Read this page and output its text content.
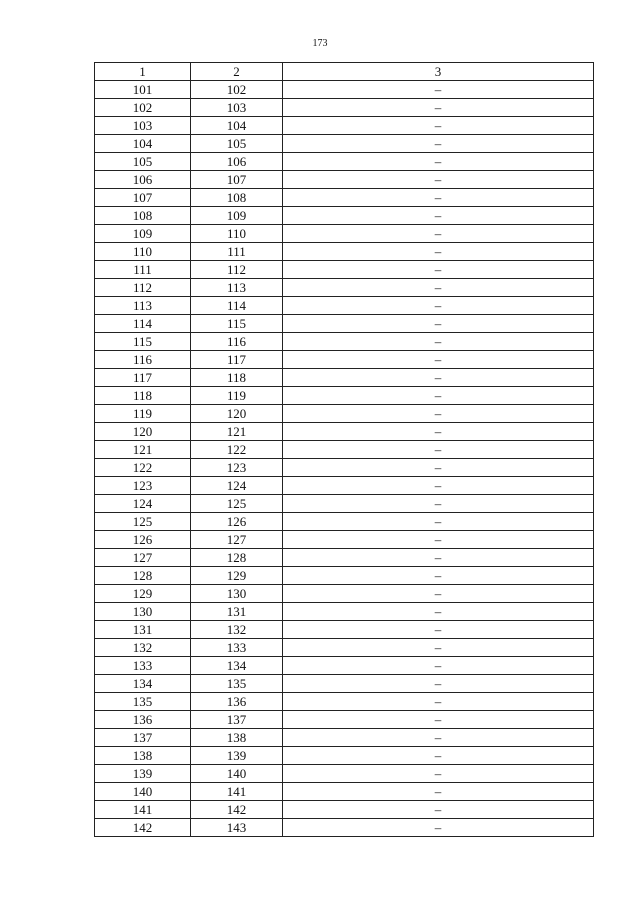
173
1	2	3
101	102	–
102	103	–
103	104	–
104	105	–
105	106	–
106	107	–
107	108	–
108	109	–
109	110	–
110	111	–
111	112	–
112	113	–
113	114	–
114	115	–
115	116	–
116	117	–
117	118	–
118	119	–
119	120	–
120	121	–
121	122	–
122	123	–
123	124	–
124	125	–
125	126	–
126	127	–
127	128	–
128	129	–
129	130	–
130	131	–
131	132	–
132	133	–
133	134	–
134	135	–
135	136	–
136	137	–
137	138	–
138	139	–
139	140	–
140	141	–
141	142	–
142	143	–
